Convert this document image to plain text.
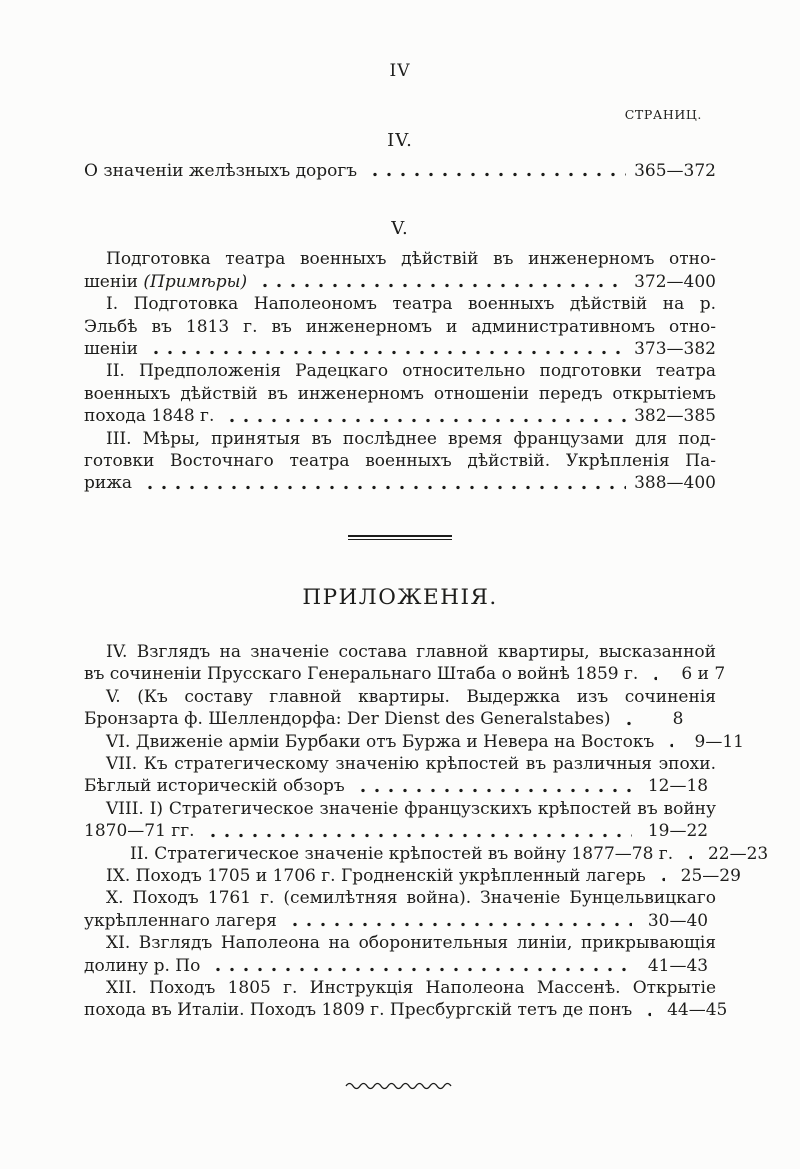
IV
СТРАНИЦ.
IV.
О значеніи желѣзныхъ дорогъ	365—372
V.
Подготовка театра военныхъ дѣйствій въ инженерномъ отно-
шеніи (Примѣры)	372—400
I. Подготовка Наполеономъ театра военныхъ дѣйствій на р.
Эльбѣ въ 1813 г. въ инженерномъ и административномъ отно-
шеніи	373—382
II. Предположенія Радецкаго относительно подготовки театра
военныхъ дѣйствій въ инженерномъ отношеніи передъ открытіемъ
похода 1848 г.	382—385
III. Мѣры, принятыя въ послѣднее время французами для под-
готовки Восточнаго театра военныхъ дѣйствій. Укрѣпленія Па-
рижа	388—400
ПРИЛОЖЕНІЯ.
IV. Взглядъ на значеніе состава главной квартиры, высказанной
въ сочиненіи Прусскаго Генеральнаго Штаба о войнѣ 1859 г.	6 и 7
V. (Къ составу главной квартиры. Выдержка изъ сочиненія
Бронзарта ф. Шеллендорфа: Der Dienst des Generalstabes)	8
VI. Движеніе арміи Бурбаки отъ Буржа и Невера на Востокъ	9—11
VII. Къ стратегическому значенію крѣпостей въ различныя эпохи.
Бѣглый историческій обзоръ	12—18
VIII. I) Стратегическое значеніе французскихъ крѣпостей въ войну
1870—71 гг.	19—22
II. Стратегическое значеніе крѣпостей въ войну 1877—78 г.	22—23
IX. Походъ 1705 и 1706 г. Гродненскій укрѣпленный лагерь	25—29
X. Походъ 1761 г. (семилѣтняя война). Значеніе Бунцельвицкаго
укрѣпленнаго лагеря	30—40
XI. Взглядъ Наполеона на оборонительныя линіи, прикрывающія
долину р. По	41—43
XII. Походъ 1805 г. Инструкція Наполеона Массенѣ. Открытіе
похода въ Италіи. Походъ 1809 г. Пресбургскій тетъ де понъ	44—45
